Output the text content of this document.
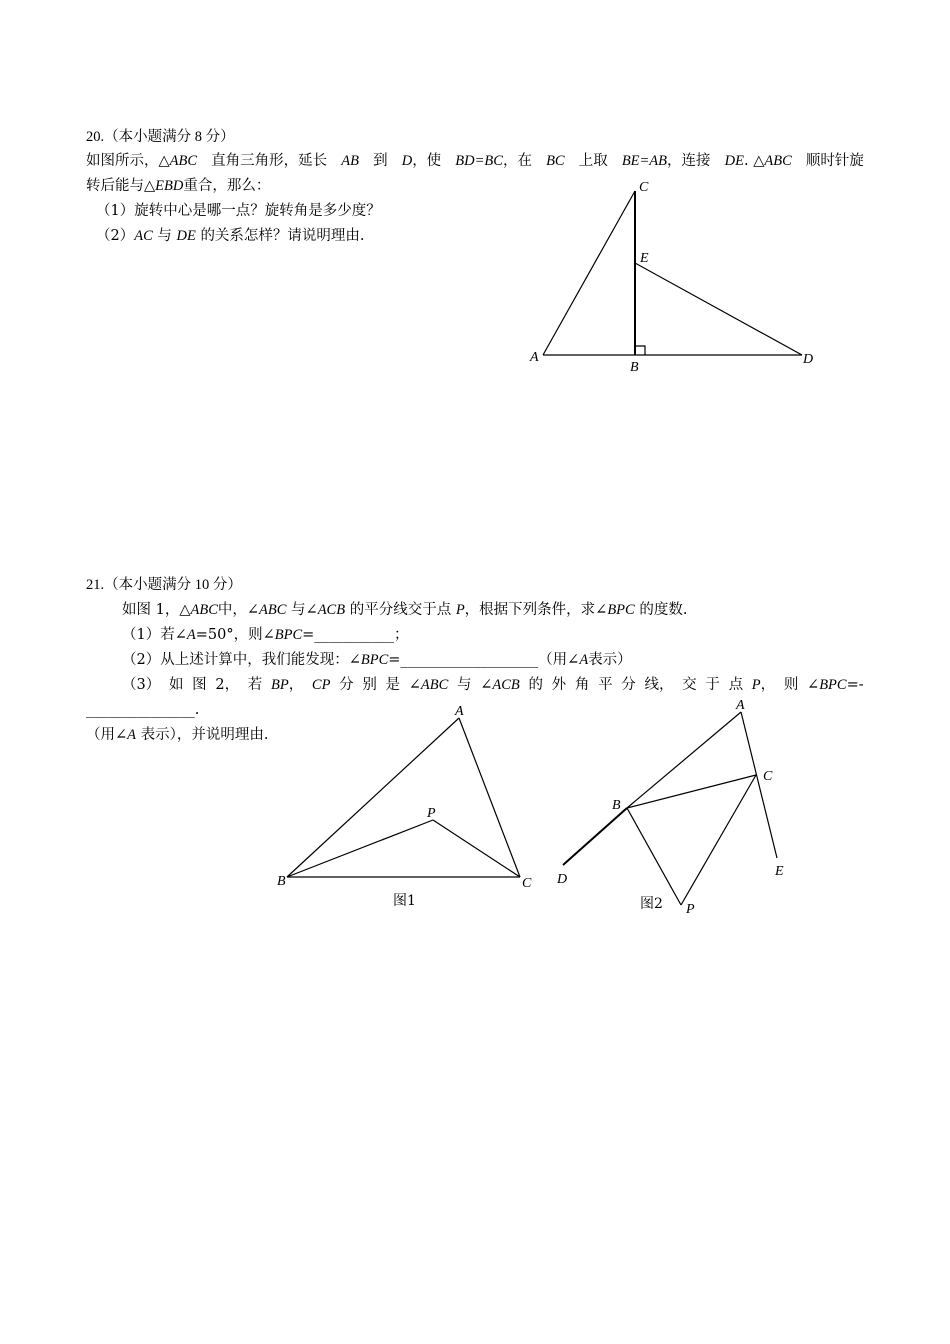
20.（本小题满分 8 分）
如图所示，△ABC 直角三角形，延长 AB 到 D，使 BD=BC，在 BC 上取 BE=AB，连接 DE. △ABC 顺时针旋
转后能与△EBD重合，那么：
（1）旋转中心是哪一点？旋转角是多少度？
（2）AC 与 DE 的关系怎样？请说明理由.
C
E
A
B
D
21.（本小题满分 10 分）
如图 1，△ABC中，∠ABC 与∠ACB 的平分线交于点 P，根据下列条件，求∠BPC 的度数.
（1）若∠A=50°，则∠BPC=___________；
（2）从上述计算中，我们能发现：∠BPC=___________________（用∠A表示）
（3） 如 图 2， 若 BP， CP 分 别 是 ∠ABC 与 ∠ACB 的 外 角 平 分 线， 交 于 点 P， 则 ∠BPC=-
_______________.
（用∠A 表示），并说明理由.
A
P
B	C
图1
A
C
B
D
E
P
图2
